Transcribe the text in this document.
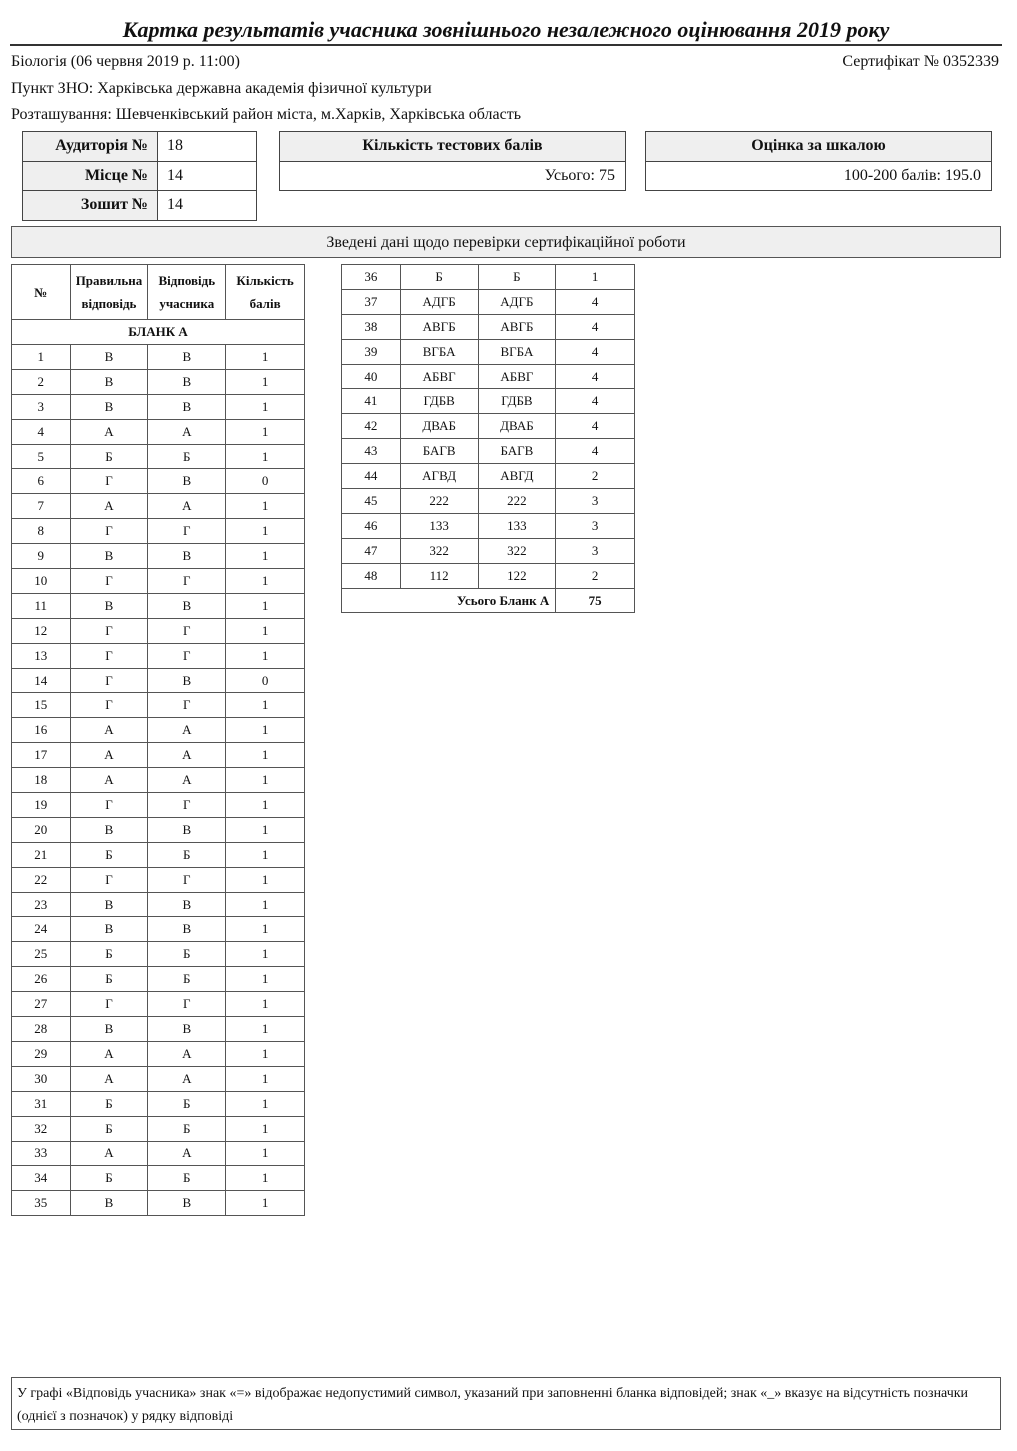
Картка результатів учасника зовнішнього незалежного оцінювання 2019 року
Біологія (06 червня 2019 р. 11:00)	Сертифікат № 0352339
Пункт ЗНО: Харківська державна академія фізичної культури
Розташування: Шевченківський район міста, м.Харків, Харківська область
Аудиторія №	18
Місце №	14
Зошит №	14
Кількість тестових балів
Усього: 75
Оцінка за шкалою
100-200 балів: 195.0
Зведені дані щодо перевірки сертифікаційної роботи
№	Правильна відповідь	Відповідь учасника	Кількість балів
БЛАНК А			
1	В	В	1
2	В	В	1
3	В	В	1
4	А	А	1
5	Б	Б	1
6	Г	В	0
7	А	А	1
8	Г	Г	1
9	В	В	1
10	Г	Г	1
11	В	В	1
12	Г	Г	1
13	Г	Г	1
14	Г	В	0
15	Г	Г	1
16	А	А	1
17	А	А	1
18	А	А	1
19	Г	Г	1
20	В	В	1
21	Б	Б	1
22	Г	Г	1
23	В	В	1
24	В	В	1
25	Б	Б	1
26	Б	Б	1
27	Г	Г	1
28	В	В	1
29	А	А	1
30	А	А	1
31	Б	Б	1
32	Б	Б	1
33	А	А	1
34	Б	Б	1
35	В	В	1
36	Б	Б	1
37	АДГБ	АДГБ	4
38	АВГБ	АВГБ	4
39	ВГБА	ВГБА	4
40	АБВГ	АБВГ	4
41	ГДБВ	ГДБВ	4
42	ДВАБ	ДВАБ	4
43	БАГВ	БАГВ	4
44	АГВД	АВГД	2
45	222	222	3
46	133	133	3
47	322	322	3
48	112	122	2
Усього Бланк А			75
У графі «Відповідь учасника» знак «=» відображає недопустимий символ, указаний при заповненні бланка відповідей; знак «_» вказує на відсутність позначки (однієї з позначок) у рядку відповіді
